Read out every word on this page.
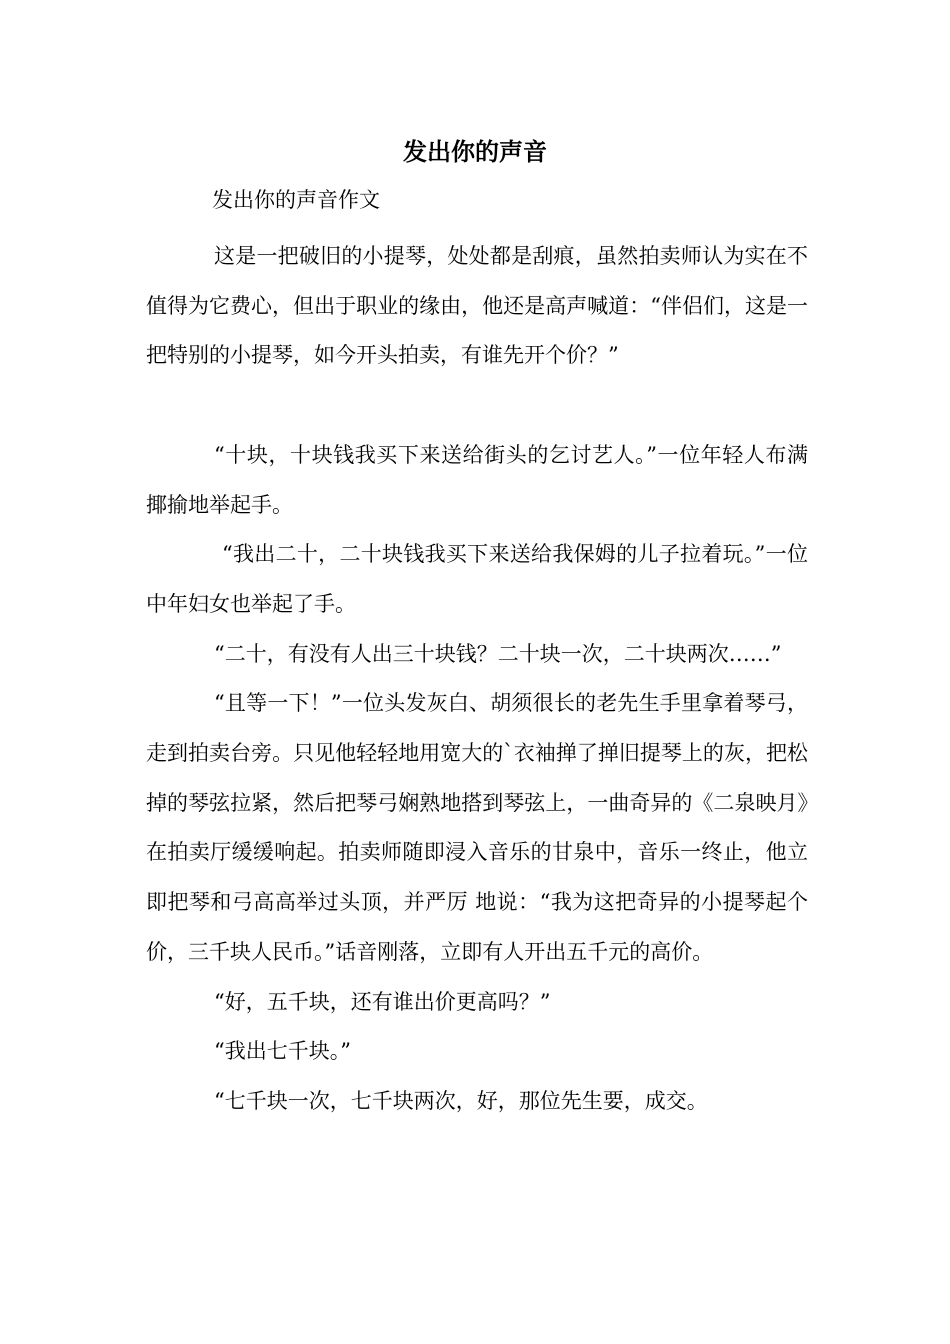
发出你的声音
发出你的声音作文

这是一把破旧的小提琴，处处都是刮痕，虽然拍卖师认为实在不值得为它费心，但出于职业的缘由，他还是高声喊道：“伴侣们，这是一把特别的小提琴，如今开头拍卖，有谁先开个价？”

“十块，十块钱我买下来送给街头的乞讨艺人。”一位年轻人布满揶揄地举起手。

“我出二十，二十块钱我买下来送给我保姆的儿子拉着玩。”一位中年妇女也举起了手。

“二十，有没有人出三十块钱？二十块一次，二十块两次……”

“且等一下！”一位头发灰白、胡须很长的老先生手里拿着琴弓，走到拍卖台旁。只见他轻轻地用宽大的`衣袖掸了掸旧提琴上的灰，把松掉的琴弦拉紧，然后把琴弓娴熟地搭到琴弦上，一曲奇异的《二泉映月》在拍卖厅缓缓响起。拍卖师随即浸入音乐的甘泉中，音乐一终止，他立即把琴和弓高高举过头顶，并严厉 地说：“我为这把奇异的小提琴起个价，三千块人民币。”话音刚落，立即有人开出五千元的高价。

“好，五千块，还有谁出价更高吗？”

“我出七千块。”

“七千块一次，七千块两次，好，那位先生要，成交。
